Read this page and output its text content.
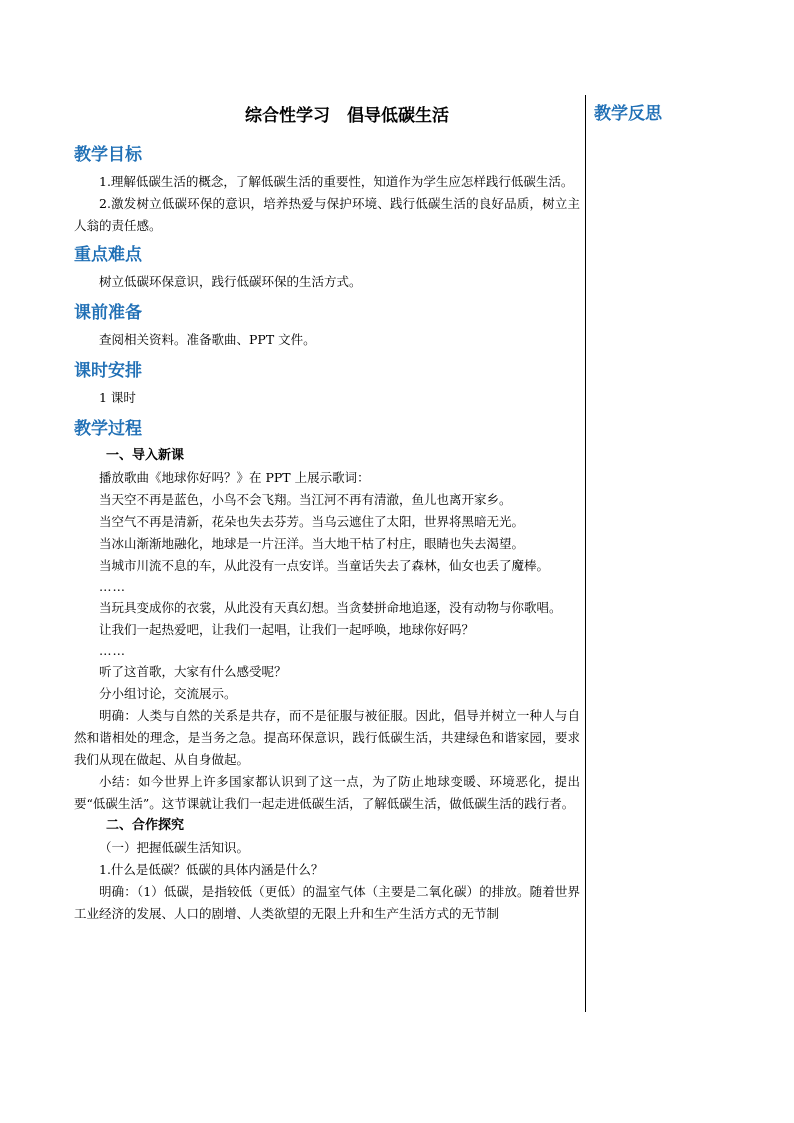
综合性学习　倡导低碳生活
教学目标

1.理解低碳生活的概念，了解低碳生活的重要性，知道作为学生应怎样践行低碳生活。

2.激发树立低碳环保的意识，培养热爱与保护环境、践行低碳生活的良好品质，树立主人翁的责任感。

重点难点

树立低碳环保意识，践行低碳环保的生活方式。

课前准备

查阅相关资料。准备歌曲、PPT 文件。

课时安排

1 课时

教学过程
一、导入新课

播放歌曲《地球你好吗？》在 PPT 上展示歌词：

当天空不再是蓝色，小鸟不会飞翔。当江河不再有清澈，鱼儿也离开家乡。

当空气不再是清新，花朵也失去芬芳。当乌云遮住了太阳，世界将黑暗无光。

当冰山渐渐地融化，地球是一片汪洋。当大地干枯了村庄，眼睛也失去渴望。

当城市川流不息的车，从此没有一点安详。当童话失去了森林，仙女也丢了魔棒。

……

当玩具变成你的衣裳，从此没有天真幻想。当贪婪拼命地追逐，没有动物与你歌唱。

让我们一起热爱吧，让我们一起唱，让我们一起呼唤，地球你好吗？

……

听了这首歌，大家有什么感受呢？

分小组讨论，交流展示。

明确：人类与自然的关系是共存，而不是征服与被征服。因此，倡导并树立一种人与自然和谐相处的理念，是当务之急。提高环保意识，践行低碳生活，共建绿色和谐家园，要求我们从现在做起、从自身做起。

小结：如今世界上许多国家都认识到了这一点，为了防止地球变暖、环境恶化，提出要“低碳生活”。这节课就让我们一起走进低碳生活，了解低碳生活，做低碳生活的践行者。

二、合作探究

（一）把握低碳生活知识。

1.什么是低碳？低碳的具体内涵是什么？

明确：（1）低碳，是指较低（更低）的温室气体（主要是二氧化碳）的排放。随着世界工业经济的发展、人口的剧增、人类欲望的无限上升和生产生活方式的无节制

教学反思
